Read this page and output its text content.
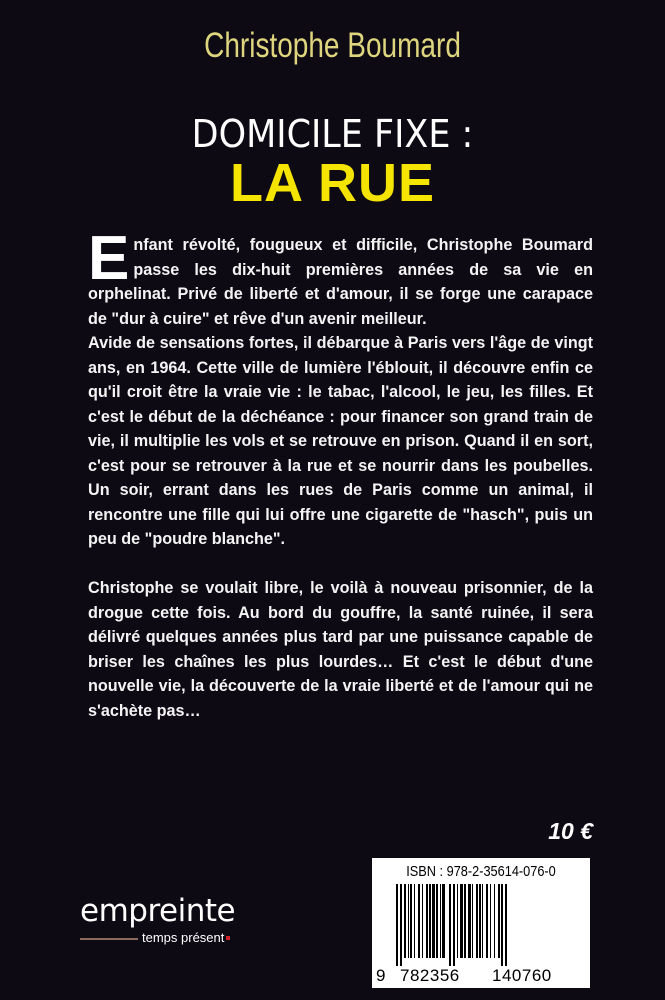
Christophe Boumard
DOMICILE FIXE :
LA RUE

Enfant révolté, fougueux et difficile, Christophe Boumard passe les dix-huit premières années de sa vie en orphelinat. Privé de liberté et d'amour, il se forge une carapace de "dur à cuire" et rêve d'un avenir meilleur.

Avide de sensations fortes, il débarque à Paris vers l'âge de vingt ans, en 1964. Cette ville de lumière l'éblouit, il découvre enfin ce qu'il croit être la vraie vie : le tabac, l'alcool, le jeu, les filles. Et c'est le début de la déchéance : pour financer son grand train de vie, il multiplie les vols et se retrouve en prison. Quand il en sort, c'est pour se retrouver à la rue et se nourrir dans les poubelles. Un soir, errant dans les rues de Paris comme un animal, il rencontre une fille qui lui offre une cigarette de "hasch", puis un peu de "poudre blanche".

Christophe se voulait libre, le voilà à nouveau prisonnier, de la drogue cette fois. Au bord du gouffre, la santé ruinée, il sera délivré quelques années plus tard par une puissance capable de briser les chaînes les plus lourdes… Et c'est le début d'une nouvelle vie, la découverte de la vraie liberté et de l'amour qui ne s'achète pas…

10 €
empreinte
temps présent
ISBN : 978-2-35614-076-0
9 782356 140760
